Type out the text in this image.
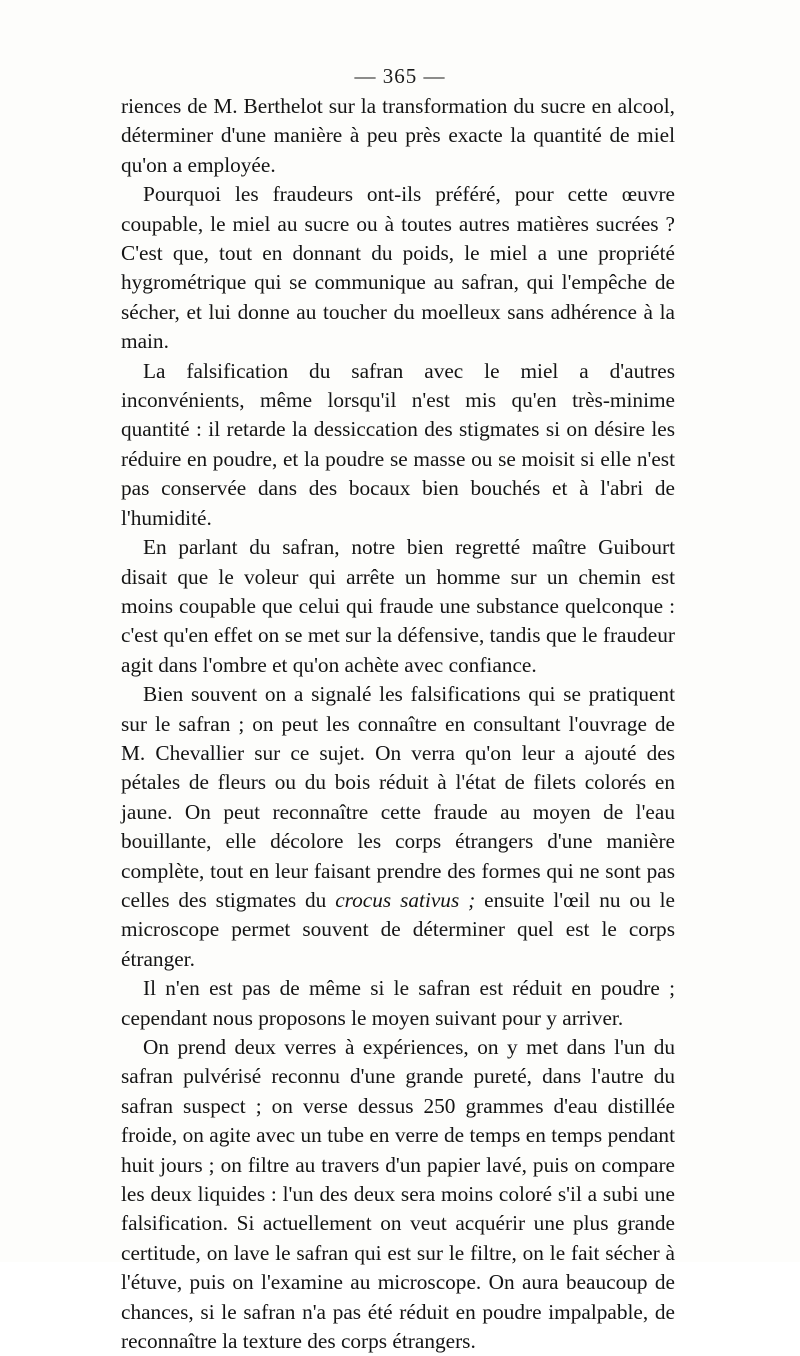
— 365 —

riences de M. Berthelot sur la transformation du sucre en alcool, déterminer d'une manière à peu près exacte la quantité de miel qu'on a employée.

Pourquoi les fraudeurs ont-ils préféré, pour cette œuvre coupable, le miel au sucre ou à toutes autres matières sucrées ? C'est que, tout en donnant du poids, le miel a une propriété hygrométrique qui se communique au safran, qui l'empêche de sécher, et lui donne au toucher du moelleux sans adhérence à la main.

La falsification du safran avec le miel a d'autres inconvénients, même lorsqu'il n'est mis qu'en très-minime quantité : il retarde la dessiccation des stigmates si on désire les réduire en poudre, et la poudre se masse ou se moisit si elle n'est pas conservée dans des bocaux bien bouchés et à l'abri de l'humidité.

En parlant du safran, notre bien regretté maître Guibourt disait que le voleur qui arrête un homme sur un chemin est moins coupable que celui qui fraude une substance quelconque : c'est qu'en effet on se met sur la défensive, tandis que le fraudeur agit dans l'ombre et qu'on achète avec confiance.

Bien souvent on a signalé les falsifications qui se pratiquent sur le safran ; on peut les connaître en consultant l'ouvrage de M. Chevallier sur ce sujet. On verra qu'on leur a ajouté des pétales de fleurs ou du bois réduit à l'état de filets colorés en jaune. On peut reconnaître cette fraude au moyen de l'eau bouillante, elle décolore les corps étrangers d'une manière complète, tout en leur faisant prendre des formes qui ne sont pas celles des stigmates du crocus sativus ; ensuite l'œil nu ou le microscope permet souvent de déterminer quel est le corps étranger.

Il n'en est pas de même si le safran est réduit en poudre ; cependant nous proposons le moyen suivant pour y arriver.

On prend deux verres à expériences, on y met dans l'un du safran pulvérisé reconnu d'une grande pureté, dans l'autre du safran suspect ; on verse dessus 250 grammes d'eau distillée froide, on agite avec un tube en verre de temps en temps pendant huit jours ; on filtre au travers d'un papier lavé, puis on compare les deux liquides : l'un des deux sera moins coloré s'il a subi une falsification. Si actuellement on veut acquérir une plus grande certitude, on lave le safran qui est sur le filtre, on le fait sécher à l'étuve, puis on l'examine au microscope. On aura beaucoup de chances, si le safran n'a pas été réduit en poudre impalpable, de reconnaître la texture des corps étrangers.
